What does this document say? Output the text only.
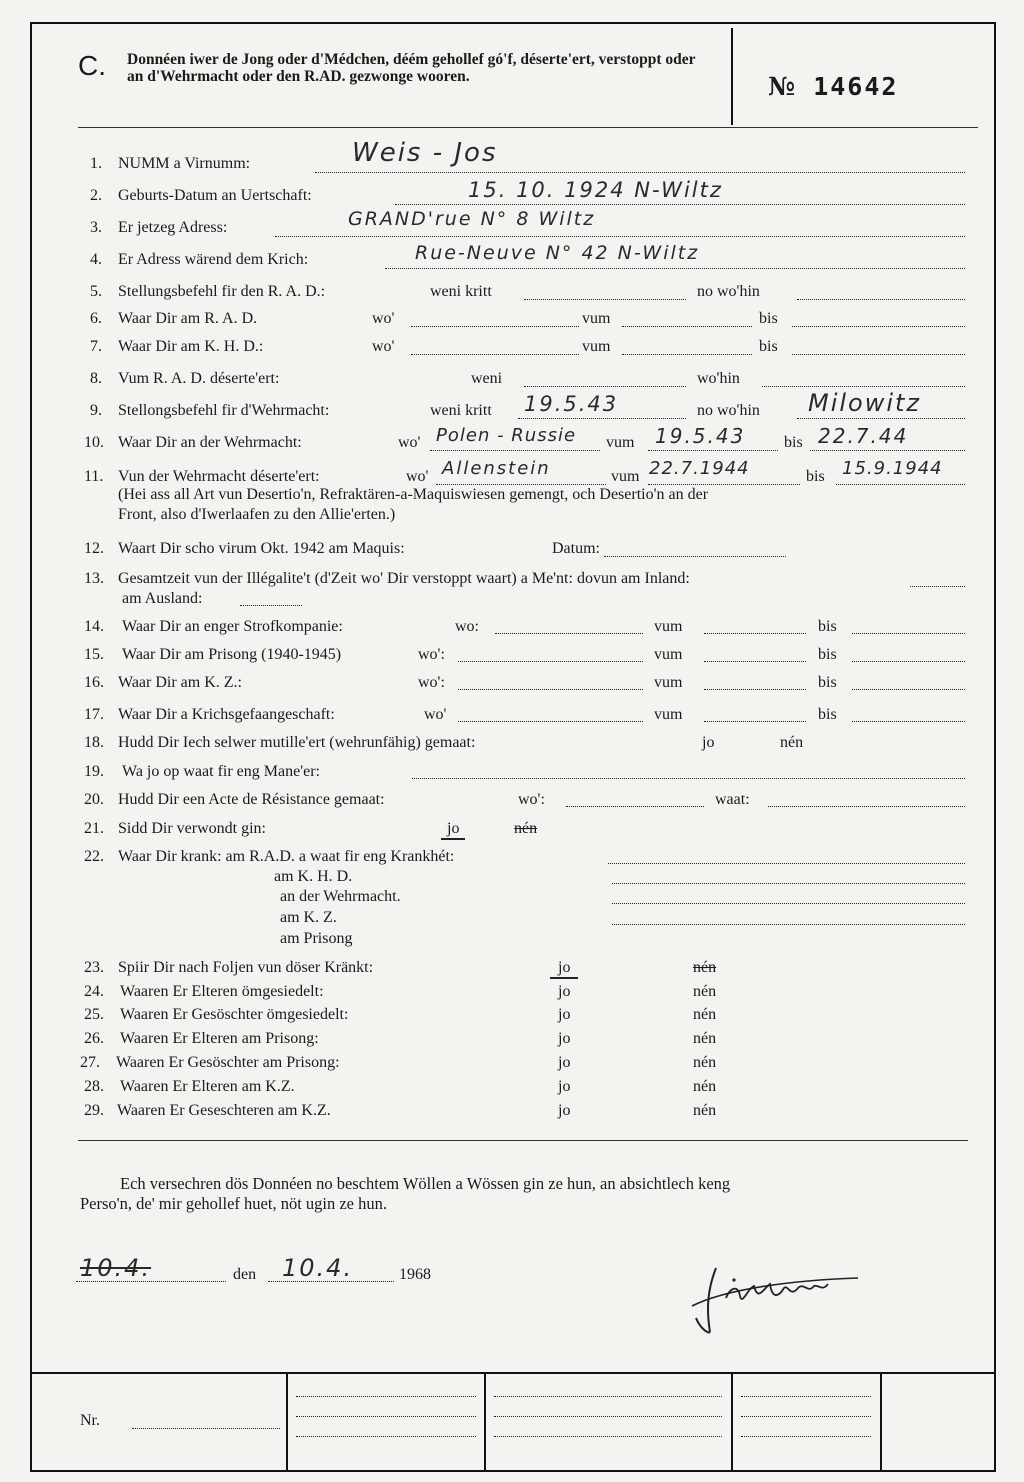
C. Donnéen iwer de Jong oder d'Médchen, déém gehollef gó'f, déserte'ert, verstoppt oder an d'Wehrmacht oder den R.AD. gezwonge wooren.	№ 14642
1. NUMM a Virnumm:	Weis - Jos
2. Geburts-Datum an Uertschaft:	15. 10. 1924 N-Wiltz
3. Er jetzeg Adress:	GRAND'rue N° 8 Wiltz
4. Er Adress wärend dem Krich:	Rue-Neuve N° 42 N-Wiltz
5. Stellungsbefehl fir den R. A. D.:	weni kritt	no wo'hin
6. Waar Dir am R. A. D.	wo'	vum	bis
7. Waar Dir am K. H. D.:	wo'	vum	bis
8. Vum R. A. D. déserte'ert:	weni	wo'hin
9. Stellongsbefehl fir d'Wehrmacht:	weni kritt 19.5.43	no wo'hin Milowitz
10. Waar Dir an der Wehrmacht:	wo' Polen - Russie vum 19.5.43 bis 22.7.44
11. Vun der Wehrmacht déserte'ert:	wo' Allenstein	vum 22.7.1944	bis 15.9.1944
(Hei ass all Art vun Desertio'n, Refraktären-a-Maquiswiesen gemengt, och Desertio'n an der
Front, also d'Iwerlaafen zu den Allie'erten.)
12. Waart Dir scho virum Okt. 1942 am Maquis:	Datum:
13. Gesamtzeit vun der Illégalite't (d'Zeit wo' Dir verstoppt waart) a Me'nt: dovun am Inland:
am Ausland:
14. Waar Dir an enger Strofkompanie:	wo:	vum	bis
15. Waar Dir am Prisong (1940-1945)	wo':	vum	bis
16. Waar Dir am K. Z.:	wo':	vum	bis
17. Waar Dir a Krichsgefaangeschaft:	wo'	vum	bis
18. Hudd Dir Iech selwer mutille'ert (wehrunfähig) gemaat:	jo	nén
19. Wa jo op waat fir eng Mane'er:
20. Hudd Dir een Acte de Résistance gemaat:	wo':	waat:
21. Sidd Dir verwondt gin:	jo	nén
22. Waar Dir krank: am R.A.D. a waat fir eng Krankhét:
am K. H. D.
an der Wehrmacht.
am K. Z.
am Prisong
23. Spiir Dir nach Foljen vun döser Kränkt:	jo	nén
24. Waaren Er Elteren ömgesiedelt:	jo	nén
25. Waaren Er Gesöschter ömgesiedelt:	jo	nén
26. Waaren Er Elteren am Prisong:	jo	nén
27. Waaren Er Gesöschter am Prisong:	jo	nén
28. Waaren Er Elteren am K.Z.	jo	nén
29. Waaren Er Geseschteren am K.Z.	jo	nén
Ech versechren dös Donnéen no beschtem Wöllen a Wössen gin ze hun, an absichtlech keng
Perso'n, de' mir gehollef huet, nöt ugin ze hun.
10.4.	den 10.4.	1968
Nr.
